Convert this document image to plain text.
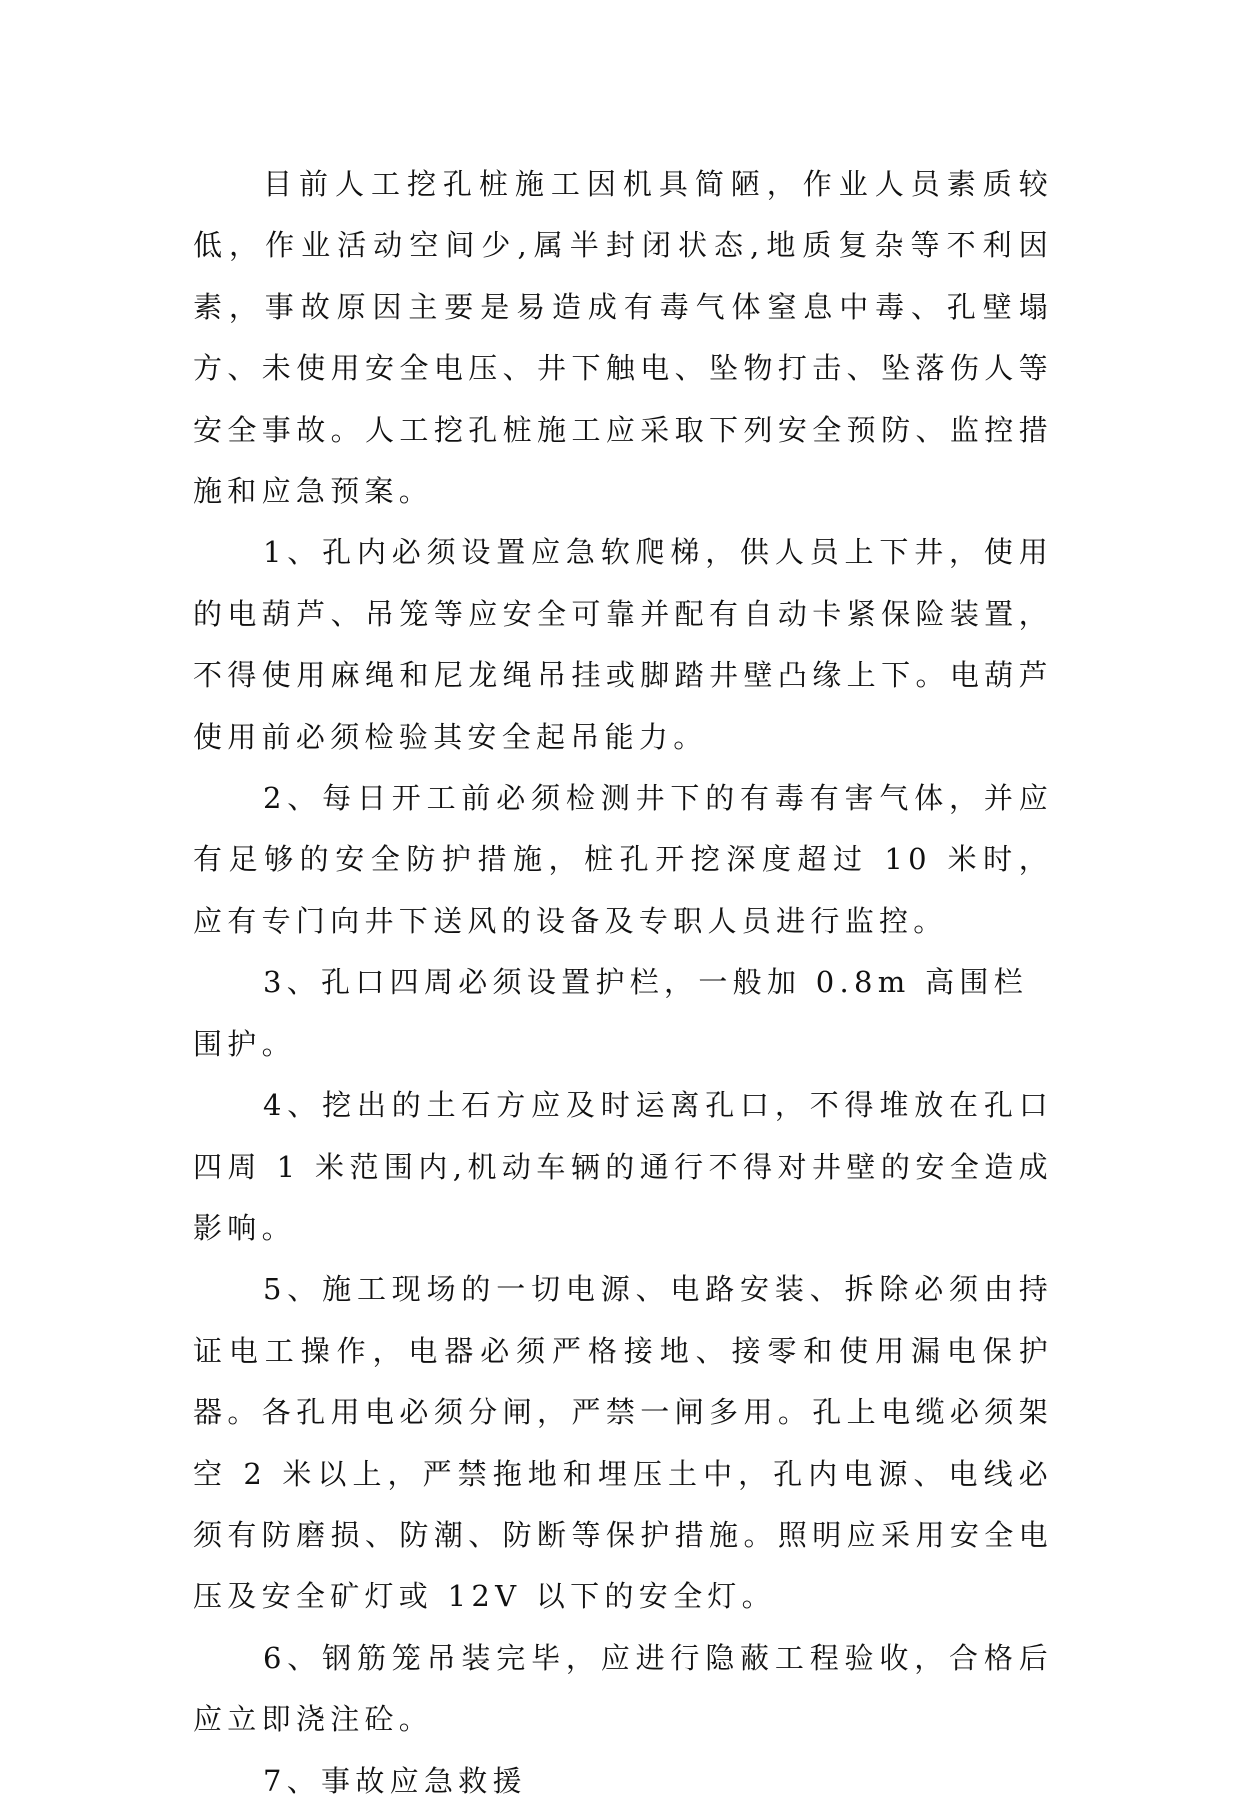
目前人工挖孔桩施工因机具简陋，作业人员素质较低，作业活动空间少,属半封闭状态,地质复杂等不利因素，事故原因主要是易造成有毒气体窒息中毒、孔壁塌方、未使用安全电压、井下触电、坠物打击、坠落伤人等安全事故。人工挖孔桩施工应采取下列安全预防、监控措施和应急预案。

1、孔内必须设置应急软爬梯，供人员上下井，使用的电葫芦、吊笼等应安全可靠并配有自动卡紧保险装置，不得使用麻绳和尼龙绳吊挂或脚踏井壁凸缘上下。电葫芦使用前必须检验其安全起吊能力。

2、每日开工前必须检测井下的有毒有害气体，并应有足够的安全防护措施，桩孔开挖深度超过 10 米时，应有专门向井下送风的设备及专职人员进行监控。

3、孔口四周必须设置护栏，一般加 0.8m 高围栏围护。

4、挖出的土石方应及时运离孔口，不得堆放在孔口四周 1 米范围内,机动车辆的通行不得对井壁的安全造成影响。

5、施工现场的一切电源、电路安装、拆除必须由持证电工操作，电器必须严格接地、接零和使用漏电保护器。各孔用电必须分闸，严禁一闸多用。孔上电缆必须架空 2 米以上，严禁拖地和埋压土中，孔内电源、电线必须有防磨损、防潮、防断等保护措施。照明应采用安全电压及安全矿灯或 12V 以下的安全灯。

6、钢筋笼吊装完毕，应进行隐蔽工程验收，合格后应立即浇注砼。

7、事故应急救援
